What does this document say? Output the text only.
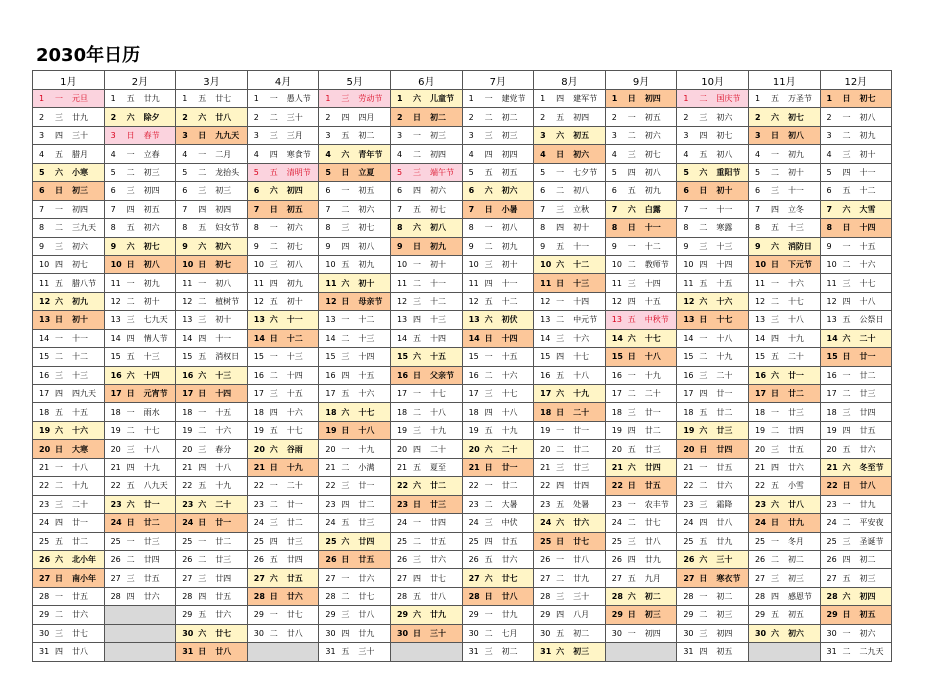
2030年日历
1月	2月	3月	4月	5月	6月	7月	8月	9月	10月	11月	12月
1 一 元旦	1 五 廿九	1 五 廿七	1 一 愚人节	1 三 劳动节	1 六 儿童节	1 一 建党节	1 四 建军节	1 日 初四	1 二 国庆节	1 五 万圣节	1 日 初七
2 三 廿九	2 六 除夕	2 六 廿八	2 二 三十	2 四 四月	2 日 初二	2 二 初二	2 五 初四	2 一 初五	2 三 初六	2 六 初七	2 一 初八
3 四 三十	3 日 春节	3 日 九九天	3 三 三月	3 五 初二	3 一 初三	3 三 初三	3 六 初五	3 二 初六	3 四 初七	3 日 初八	3 二 初九
4 五 腊月	4 一 立春	4 一 二月	4 四 寒食节	4 六 青年节	4 二 初四	4 四 初四	4 日 初六	4 三 初七	4 五 初八	4 一 初九	4 三 初十
5 六 小寒	5 二 初三	5 二 龙抬头	5 五 清明节	5 日 立夏	5 三 端午节	5 五 初五	5 一 七夕节	5 四 初八	5 六 重阳节	5 二 初十	5 四 十一
6 日 初三	6 三 初四	6 三 初三	6 六 初四	6 一 初五	6 四 初六	6 六 初六	6 二 初八	6 五 初九	6 日 初十	6 三 十一	6 五 十二
7 一 初四	7 四 初五	7 四 初四	7 日 初五	7 二 初六	7 五 初七	7 日 小暑	7 三 立秋	7 六 白露	7 一 十一	7 四 立冬	7 六 大雪
8 二 三九天	8 五 初六	8 五 妇女节	8 一 初六	8 三 初七	8 六 初八	8 一 初八	8 四 初十	8 日 十一	8 二 寒露	8 五 十三	8 日 十四
9 三 初六	9 六 初七	9 六 初六	9 二 初七	9 四 初八	9 日 初九	9 二 初九	9 五 十一	9 一 十二	9 三 十三	9 六 消防日	9 一 十五
10 四 初七	10 日 初八	10 日 初七	10 三 初八	10 五 初九	10 一 初十	10 三 初十	10 六 十二	10 二 教师节	10 四 十四	10 日 下元节	10 二 十六
11 五 腊八节	11 一 初九	11 一 初八	11 四 初九	11 六 初十	11 二 十一	11 四 十一	11 日 十三	11 三 十四	11 五 十五	11 一 十六	11 三 十七
12 六 初九	12 二 初十	12 二 植树节	12 五 初十	12 日 母亲节	12 三 十二	12 五 十二	12 一 十四	12 四 十五	12 六 十六	12 二 十七	12 四 十八
13 日 初十	13 三 七九天	13 三 初十	13 六 十一	13 一 十二	13 四 十三	13 六 初伏	13 二 中元节	13 五 中秋节	13 日 十七	13 三 十八	13 五 公祭日
14 一 十一	14 四 情人节	14 四 十一	14 日 十二	14 二 十三	14 五 十四	14 日 十四	14 三 十六	14 六 十七	14 一 十八	14 四 十九	14 六 二十
15 二 十二	15 五 十三	15 五 消权日	15 一 十三	15 三 十四	15 六 十五	15 一 十五	15 四 十七	15 日 十八	15 二 十九	15 五 二十	15 日 廿一
16 三 十三	16 六 十四	16 六 十三	16 二 十四	16 四 十五	16 日 父亲节	16 二 十六	16 五 十八	16 一 十九	16 三 二十	16 六 廿一	16 一 廿二
17 四 四九天	17 日 元宵节	17 日 十四	17 三 十五	17 五 十六	17 一 十七	17 三 十七	17 六 十九	17 二 二十	17 四 廿一	17 日 廿二	17 二 廿三
18 五 十五	18 一 雨水	18 一 十五	18 四 十六	18 六 十七	18 二 十八	18 四 十八	18 日 二十	18 三 廿一	18 五 廿二	18 一 廿三	18 三 廿四
19 六 十六	19 二 十七	19 二 十六	19 五 十七	19 日 十八	19 三 十九	19 五 十九	19 一 廿一	19 四 廿二	19 六 廿三	19 二 廿四	19 四 廿五
20 日 大寒	20 三 十八	20 三 春分	20 六 谷雨	20 一 十九	20 四 二十	20 六 二十	20 二 廿二	20 五 廿三	20 日 廿四	20 三 廿五	20 五 廿六
21 一 十八	21 四 十九	21 四 十八	21 日 十九	21 二 小满	21 五 夏至	21 日 廿一	21 三 廿三	21 六 廿四	21 一 廿五	21 四 廿六	21 六 冬至节
22 二 十九	22 五 八九天	22 五 十九	22 一 二十	22 三 廿一	22 六 廿二	22 一 廿二	22 四 廿四	22 日 廿五	22 二 廿六	22 五 小雪	22 日 廿八
23 三 二十	23 六 廿一	23 六 二十	23 二 廿一	23 四 廿二	23 日 廿三	23 二 大暑	23 五 处暑	23 一 农丰节	23 三 霜降	23 六 廿八	23 一 廿九
24 四 廿一	24 日 廿二	24 日 廿一	24 三 廿二	24 五 廿三	24 一 廿四	24 三 中伏	24 六 廿六	24 二 廿七	24 四 廿八	24 日 廿九	24 二 平安夜
25 五 廿二	25 一 廿三	25 一 廿二	25 四 廿三	25 六 廿四	25 二 廿五	25 四 廿五	25 日 廿七	25 三 廿八	25 五 廿九	25 一 冬月	25 三 圣诞节
26 六 北小年	26 二 廿四	26 二 廿三	26 五 廿四	26 日 廿五	26 三 廿六	26 五 廿六	26 一 廿八	26 四 廿九	26 六 三十	26 二 初二	26 四 初二
27 日 南小年	27 三 廿五	27 三 廿四	27 六 廿五	27 一 廿六	27 四 廿七	27 六 廿七	27 二 廿九	27 五 九月	27 日 寒衣节	27 三 初三	27 五 初三
28 一 廿五	28 四 廿六	28 四 廿五	28 日 廿六	28 二 廿七	28 五 廿八	28 日 廿八	28 三 三十	28 六 初二	28 一 初二	28 四 感恩节	28 六 初四
29 二 廿六		29 五 廿六	29 一 廿七	29 三 廿八	29 六 廿九	29 一 廿九	29 四 八月	29 日 初三	29 二 初三	29 五 初五	29 日 初五
30 三 廿七		30 六 廿七	30 二 廿八	30 四 廿九	30 日 三十	30 二 七月	30 五 初二	30 一 初四	30 三 初四	30 六 初六	30 一 初六
31 四 廿八		31 日 廿八		31 五 三十		31 三 初二	31 六 初三		31 四 初五		31 二 二九天
